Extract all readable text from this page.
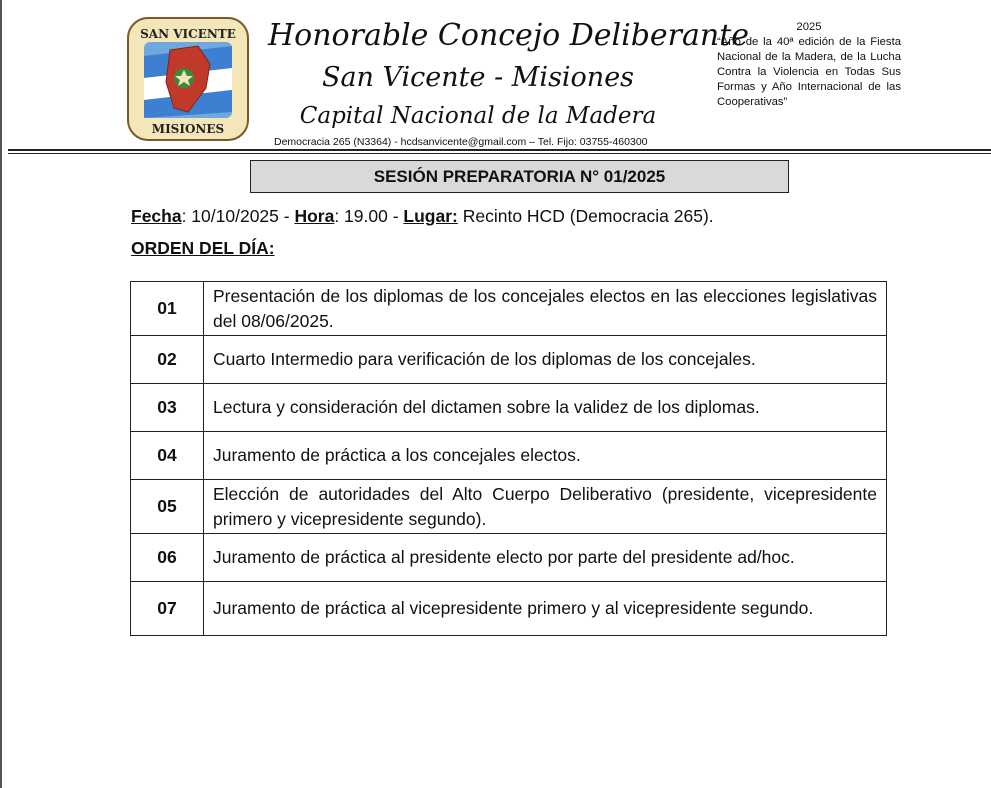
SAN VICENTE
MISIONES
Honorable Concejo Deliberante
San Vicente - Misiones
Capital Nacional de la Madera
Democracia 265 (N3364) - hcdsanvicente@gmail.com – Tel. Fijo: 03755-460300
2025
“Año de la 40ª edición de la Fiesta Nacional de la Madera, de la Lucha Contra la Violencia en Todas Sus Formas y Año Internacional de las Cooperativas”
SESIÓN PREPARATORIA N° 01/2025
Fecha: 10/10/2025 - Hora: 19.00 - Lugar: Recinto HCD (Democracia 265).
ORDEN DEL DÍA:
01	Presentación de los diplomas de los concejales electos en las elecciones legislativas del 08/06/2025.
02	Cuarto Intermedio para verificación de los diplomas de los concejales.
03	Lectura y consideración del dictamen sobre la validez de los diplomas.
04	Juramento de práctica a los concejales electos.
05	Elección de autoridades del Alto Cuerpo Deliberativo (presidente, vicepresidente primero y vicepresidente segundo).
06	Juramento de práctica al presidente electo por parte del presidente ad/hoc.
07	Juramento de práctica al vicepresidente primero y al vicepresidente segundo.
